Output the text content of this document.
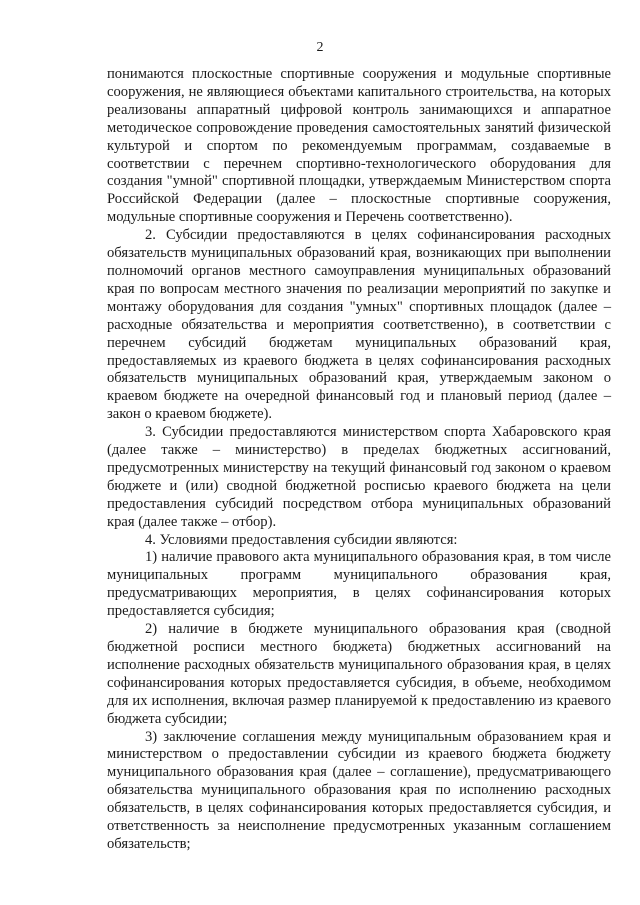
2

понимаются плоскостные спортивные сооружения и модульные спортивные сооружения, не являющиеся объектами капитального строительства, на которых реализованы аппаратный цифровой контроль занимающихся и аппаратное методическое сопровождение проведения самостоятельных занятий физической культурой и спортом по рекомендуемым программам, создаваемые в соответствии с перечнем спортивно-технологического оборудования для создания "умной" спортивной площадки, утверждаемым Министерством спорта Российской Федерации (далее – плоскостные спортивные сооружения, модульные спортивные сооружения и Перечень соответственно).

2. Субсидии предоставляются в целях софинансирования расходных обязательств муниципальных образований края, возникающих при выполнении полномочий органов местного самоуправления муниципальных образований края по вопросам местного значения по реализации мероприятий по закупке и монтажу оборудования для создания "умных" спортивных площадок (далее – расходные обязательства и мероприятия соответственно), в соответствии с перечнем субсидий бюджетам муниципальных образований края, предоставляемых из краевого бюджета в целях софинансирования расходных обязательств муниципальных образований края, утверждаемым законом о краевом бюджете на очередной финансовый год и плановый период (далее – закон о краевом бюджете).

3. Субсидии предоставляются министерством спорта Хабаровского края (далее также – министерство) в пределах бюджетных ассигнований, предусмотренных министерству на текущий финансовый год законом о краевом бюджете и (или) сводной бюджетной росписью краевого бюджета на цели предоставления субсидий посредством отбора муниципальных образований края (далее также – отбор).

4. Условиями предоставления субсидии являются:

1) наличие правового акта муниципального образования края, в том числе муниципальных программ муниципального образования края, предусматривающих мероприятия, в целях софинансирования которых предоставляется субсидия;

2) наличие в бюджете муниципального образования края (сводной бюджетной росписи местного бюджета) бюджетных ассигнований на исполнение расходных обязательств муниципального образования края, в целях софинансирования которых предоставляется субсидия, в объеме, необходимом для их исполнения, включая размер планируемой к предоставлению из краевого бюджета субсидии;

3) заключение соглашения между муниципальным образованием края и министерством о предоставлении субсидии из краевого бюджета бюджету муниципального образования края (далее – соглашение), предусматривающего обязательства муниципального образования края по исполнению расходных обязательств, в целях софинансирования которых предоставляется субсидия, и ответственность за неисполнение предусмотренных указанным соглашением обязательств;
